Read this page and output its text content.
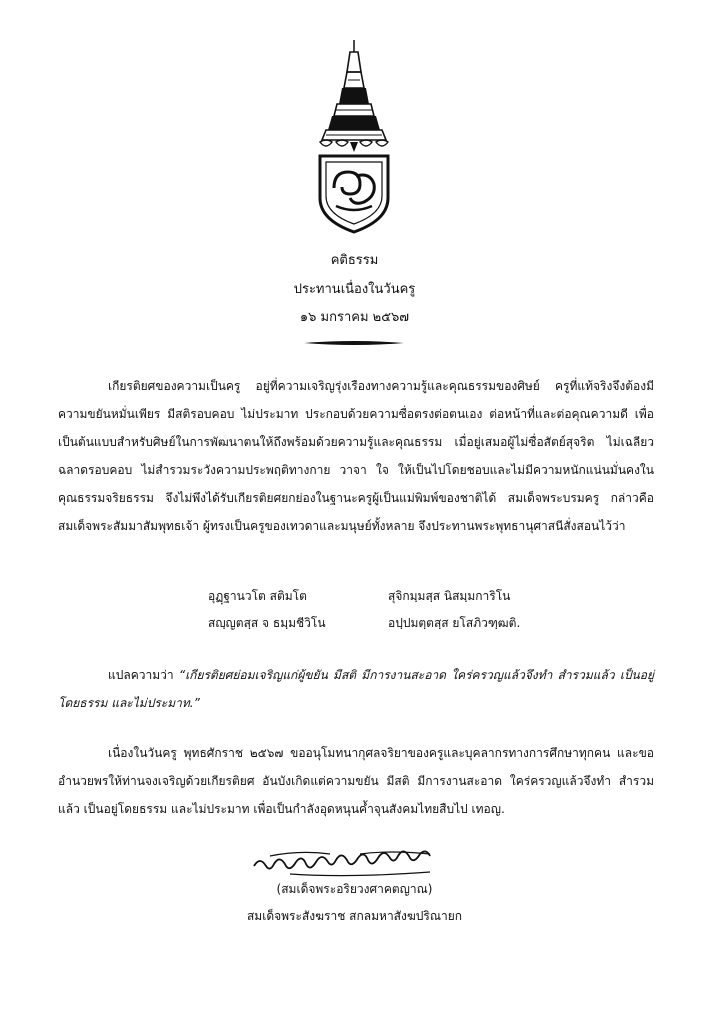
คติธรรม
ประทานเนื่องในวันครู
๑๖ มกราคม ๒๕๖๗
เกียรติยศของความเป็นครู อยู่ที่ความเจริญรุ่งเรืองทางความรู้และคุณธรรมของศิษย์ ครูที่แท้จริงจึงต้องมีความขยันหมั่นเพียร มีสติรอบคอบ ไม่ประมาท ประกอบด้วยความซื่อตรงต่อตนเอง ต่อหน้าที่และต่อคุณความดี เพื่อเป็นต้นแบบสำหรับศิษย์ในการพัฒนาตนให้ถึงพร้อมด้วยความรู้และคุณธรรม เมื่อยู่เสมอผู้ไม่ซื่อสัตย์สุจริต ไม่เฉลียวฉลาดรอบคอบ ไม่สำรวมระวังความประพฤติทางกาย วาจา ใจ ให้เป็นไปโดยชอบและไม่มีความหนักแน่นมั่นคงในคุณธรรมจริยธรรม จึงไม่พึงได้รับเกียรติยศยกย่องในฐานะครูผู้เป็นแม่พิมพ์ของชาติได้ สมเด็จพระบรมครู กล่าวคือ สมเด็จพระสัมมาสัมพุทธเจ้า ผู้ทรงเป็นครูของเทวดาและมนุษย์ทั้งหลาย จึงประทานพระพุทธานุศาสนีสั่งสอนไว้ว่า
อุฏฺฐานวโต สติมโต	สุจิกมฺมสฺส นิสมฺมการิโน
สญฺญตสฺส จ ธมฺมชีวิโน	อปฺปมตฺตสฺส ยโสภิวฑฺฒติ.
แปลความว่า “เกียรติยศย่อมเจริญแก่ผู้ขยัน มีสติ มีการงานสะอาด ใคร่ครวญแล้วจึงทำ สำรวมแล้ว เป็นอยู่โดยธรรม และไม่ประมาท.”
เนื่องในวันครู พุทธศักราช ๒๕๖๗ ขออนุโมทนากุศลจริยาของครูและบุคลากรทางการศึกษาทุกคน และขออำนวยพรให้ท่านจงเจริญด้วยเกียรติยศ อันบังเกิดแต่ความขยัน มีสติ มีการงานสะอาด ใคร่ครวญแล้วจึงทำ สำรวมแล้ว เป็นอยู่โดยธรรม และไม่ประมาท เพื่อเป็นกำลังอุดหนุนค้ำจุนสังคมไทยสืบไป เทอญ.
(สมเด็จพระอริยวงศาคตญาณ)
สมเด็จพระสังฆราช สกลมหาสังฆปริณายก
